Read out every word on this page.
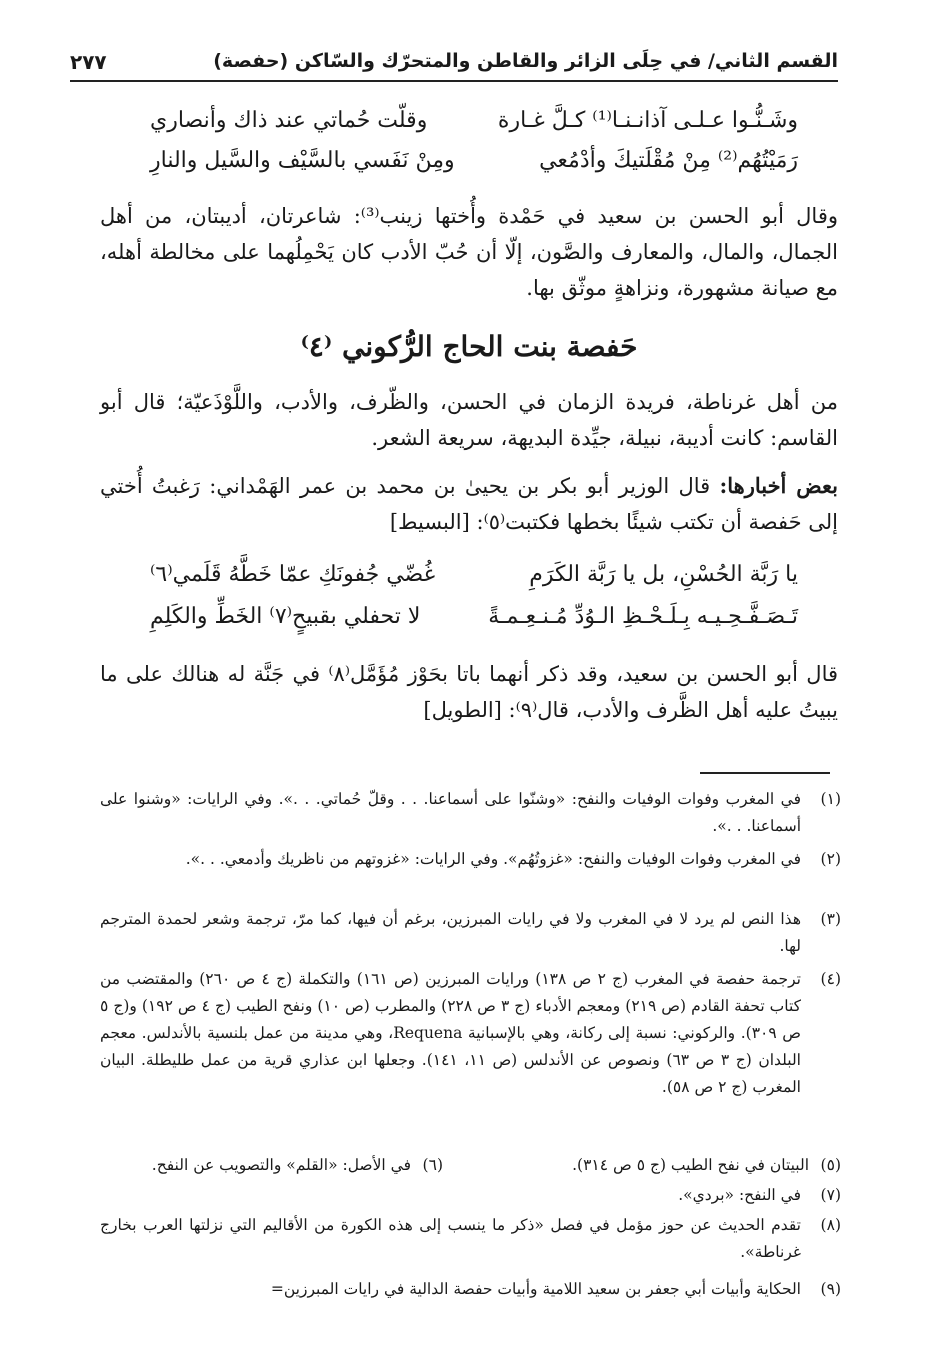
القسم الثاني/ في حِلَى الزائر والقاطن والمتحرّك والسّاكن (حفصة)
٢٧٧
وشَـنُّـوا عـلـى آذانـنـا⁽¹⁾ كـلَّ غـارة
وقلّت حُماتي عند ذاك وأنصاري
رَمَيْتُهُم⁽²⁾ مِنْ مُقْلَتيكَ وأدْمُعي
ومِنْ نَفَسي بالسَّيْف والسَّيل والنارِ
وقال أبو الحسن بن سعيد في حَمْدة وأُختها زينب⁽³⁾: شاعرتان، أديبتان، من أهل الجمال، والمال، والمعارف والصَّون، إلّا أن حُبّ الأدب كان يَحْمِلُهما على مخالطة أهله، مع صيانة مشهورة، ونزاهةٍ موثّق بها.
حَفصة بنت الحاج الرُّكوني ⁽٤⁾
من أهل غرناطة، فريدة الزمان في الحسن، والظّرف، والأدب، واللَّوْذَعيّة؛ قال أبو القاسم: كانت أديبة، نبيلة، جيِّدة البديهة، سريعة الشعر.
بعض أخبارها: قال الوزير أبو بكر بن يحيىٰ بن محمد بن عمر الهَمْداني: رَغبتُ أُختي إلى حَفصة أن تكتب شيئًا بخطها فكتبت⁽٥⁾: [البسيط]
يا رَبَّة الحُسْنِ، بل يا رَبَّة الكَرَمِ
غُضّي جُفونَكِ عمّا خَطَّهُ قَلَمي⁽٦⁾
تَـصَـفَّـحِـيـه بِـلَـحْـظِ الـوُدِّ مُـنـعِـمـةً
لا تحفلي بقبيحٍ⁽٧⁾ الخَطِّ والكَلِمِ
قال أبو الحسن بن سعيد، وقد ذكر أنهما باتا بحَوْز مُؤَمَّل⁽٨⁾ في جَنَّة له هنالك على ما يبيتُ عليه أهل الظَّرف والأدب، قال⁽٩⁾: [الطويل]
(١)
في المغرب وفوات الوفيات والنفح: «وشنّوا على أسماعنا. . . وقلّ حُماتي. . .». وفي الرايات: «وشنوا على أسماعنا. . .».
(٢)
في المغرب وفوات الوفيات والنفح: «غزوتُهُم». وفي الرايات: «غزوتهم من ناظريك وأدمعي. . .».
(٣)
هذا النص لم يرد لا في المغرب ولا في رايات المبرزين، برغم أن فيها، كما مرّ، ترجمة وشعر لحمدة المترجم لها.
(٤)
ترجمة حفصة في المغرب (ج ٢ ص ١٣٨) ورايات المبرزين (ص ١٦١) والتكملة (ج ٤ ص ٢٦٠) والمقتضب من كتاب تحفة القادم (ص ٢١٩) ومعجم الأدباء (ج ٣ ص ٢٢٨) والمطرب (ص ١٠) ونفح الطيب (ج ٤ ص ١٩٢) و(ج ٥ ص ٣٠٩). والركوني: نسبة إلى ركانة، وهي بالإسبانية Requena، وهي مدينة من عمل بلنسية بالأندلس. معجم البلدان (ج ٣ ص ٦٣) ونصوص عن الأندلس (ص ١١، ١٤١). وجعلها ابن عذاري قرية من عمل طليطلة. البيان المغرب (ج ٢ ص ٥٨).
(٥)
البيتان في نفح الطيب (ج ٥ ص ٣١٤).
(٦)
في الأصل: «القلم» والتصويب عن النفح.
(٧)
في النفح: «بردي».
(٨)
تقدم الحديث عن حوز مؤمل في فصل «ذكر ما ينسب إلى هذه الكورة من الأقاليم التي نزلتها العرب بخارج غرناطة».
(٩)
الحكاية وأبيات أبي جعفر بن سعيد اللامية وأبيات حفصة الدالية في رايات المبرزين=
